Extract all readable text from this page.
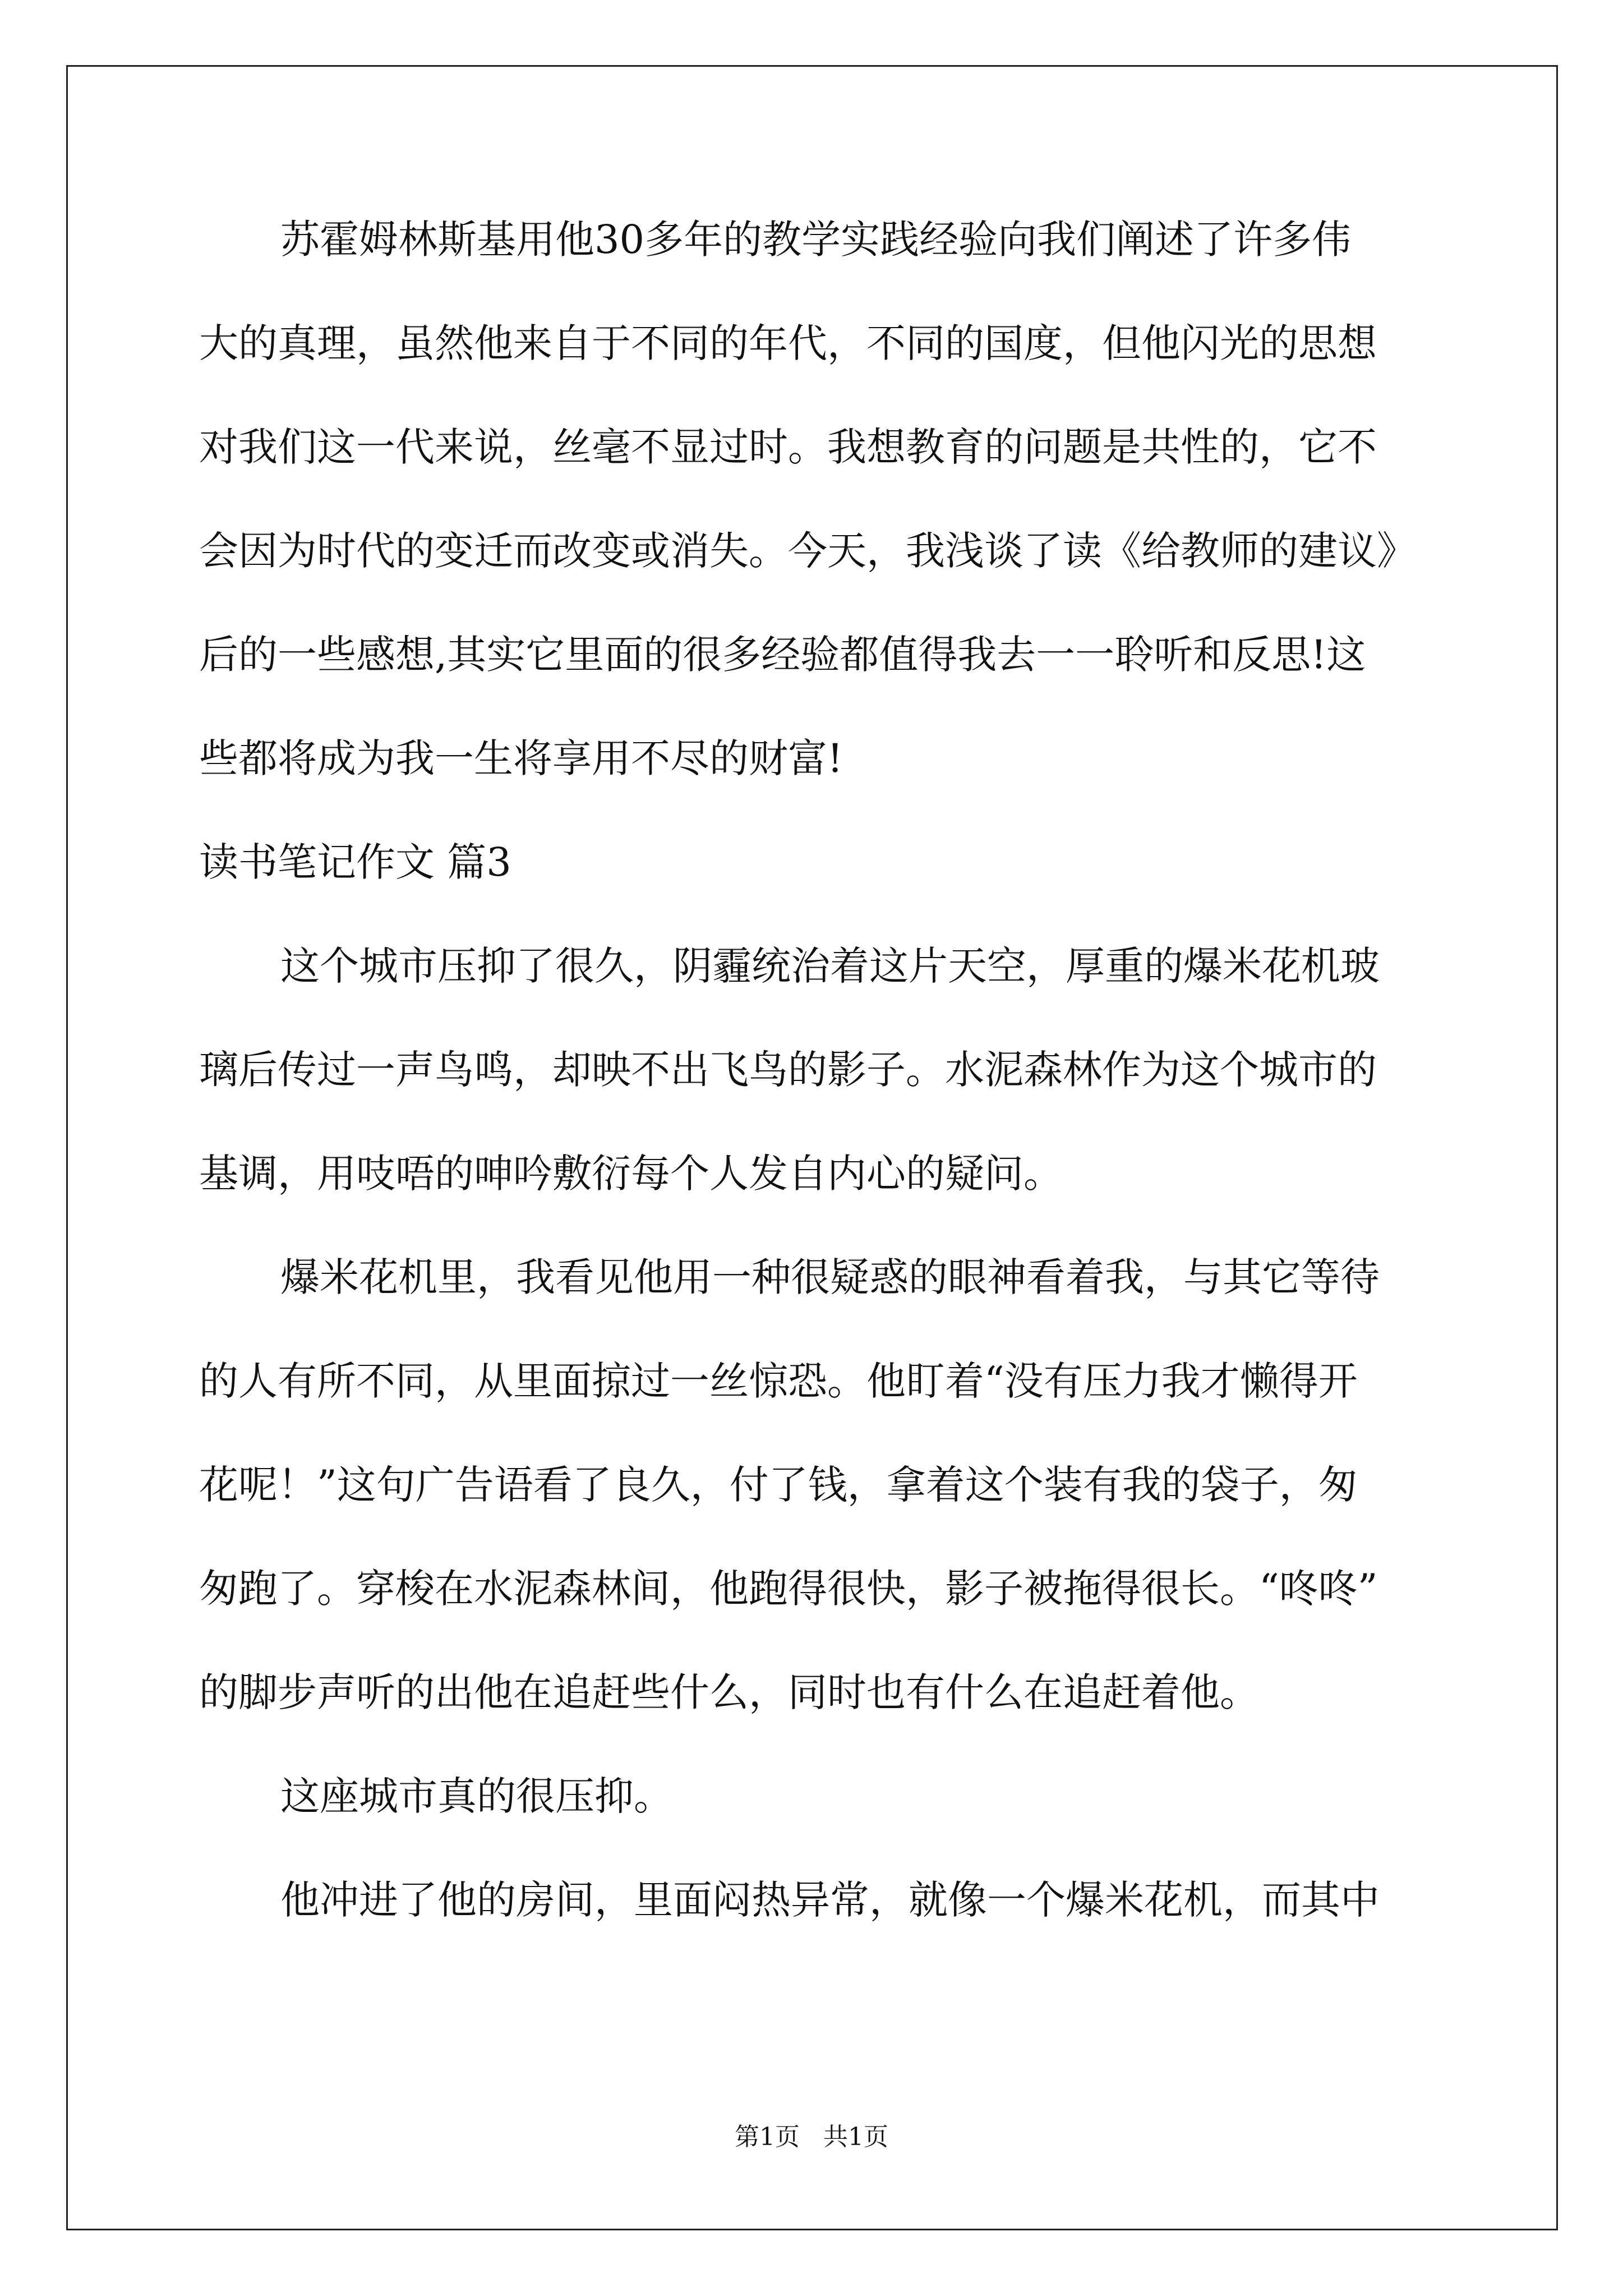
苏霍姆林斯基用他30多年的教学实践经验向我们阐述了许多伟
大的真理，虽然他来自于不同的年代，不同的国度，但他闪光的思想
对我们这一代来说，丝毫不显过时。我想教育的问题是共性的，它不
会因为时代的变迁而改变或消失。今天，我浅谈了读《给教师的建议》
后的一些感想,其实它里面的很多经验都值得我去一一聆听和反思!这
些都将成为我一生将享用不尽的财富!
读书笔记作文 篇3
这个城市压抑了很久，阴霾统治着这片天空，厚重的爆米花机玻
璃后传过一声鸟鸣，却映不出飞鸟的影子。水泥森林作为这个城市的
基调，用吱唔的呻吟敷衍每个人发自内心的疑问。
爆米花机里，我看见他用一种很疑惑的眼神看着我，与其它等待
的人有所不同，从里面掠过一丝惊恐。他盯着“没有压力我才懒得开
花呢！”这句广告语看了良久，付了钱，拿着这个装有我的袋子，匆
匆跑了。穿梭在水泥森林间，他跑得很快，影子被拖得很长。“咚咚”
的脚步声听的出他在追赶些什么，同时也有什么在追赶着他。
这座城市真的很压抑。
他冲进了他的房间，里面闷热异常，就像一个爆米花机，而其中
第1页   共1页
